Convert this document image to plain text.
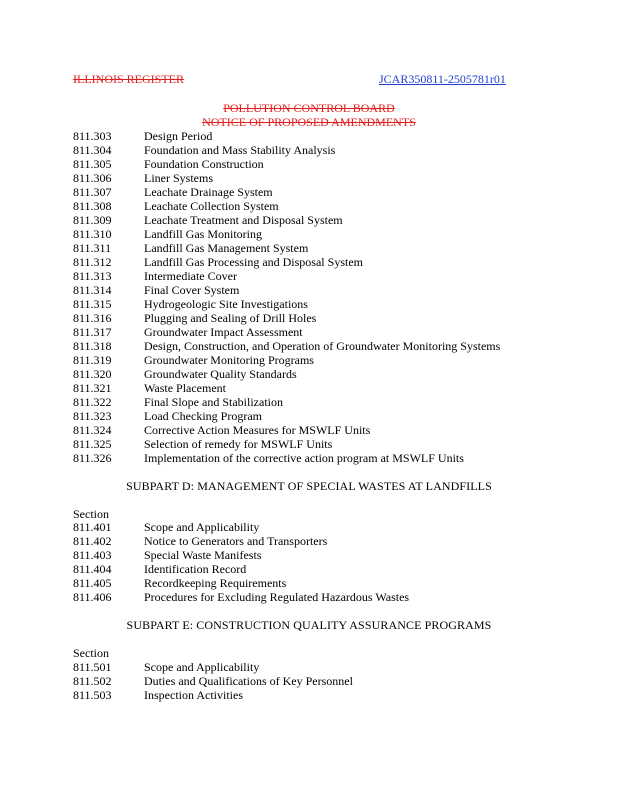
ILLINOIS REGISTER	JCAR350811-2505781r01
POLLUTION CONTROL BOARD
NOTICE OF PROPOSED AMENDMENTS
811.303	Design Period
811.304	Foundation and Mass Stability Analysis
811.305	Foundation Construction
811.306	Liner Systems
811.307	Leachate Drainage System
811.308	Leachate Collection System
811.309	Leachate Treatment and Disposal System
811.310	Landfill Gas Monitoring
811.311	Landfill Gas Management System
811.312	Landfill Gas Processing and Disposal System
811.313	Intermediate Cover
811.314	Final Cover System
811.315	Hydrogeologic Site Investigations
811.316	Plugging and Sealing of Drill Holes
811.317	Groundwater Impact Assessment
811.318	Design, Construction, and Operation of Groundwater Monitoring Systems
811.319	Groundwater Monitoring Programs
811.320	Groundwater Quality Standards
811.321	Waste Placement
811.322	Final Slope and Stabilization
811.323	Load Checking Program
811.324	Corrective Action Measures for MSWLF Units
811.325	Selection of remedy for MSWLF Units
811.326	Implementation of the corrective action program at MSWLF Units
SUBPART D: MANAGEMENT OF SPECIAL WASTES AT LANDFILLS
Section
811.401	Scope and Applicability
811.402	Notice to Generators and Transporters
811.403	Special Waste Manifests
811.404	Identification Record
811.405	Recordkeeping Requirements
811.406	Procedures for Excluding Regulated Hazardous Wastes
SUBPART E: CONSTRUCTION QUALITY ASSURANCE PROGRAMS
Section
811.501	Scope and Applicability
811.502	Duties and Qualifications of Key Personnel
811.503	Inspection Activities
